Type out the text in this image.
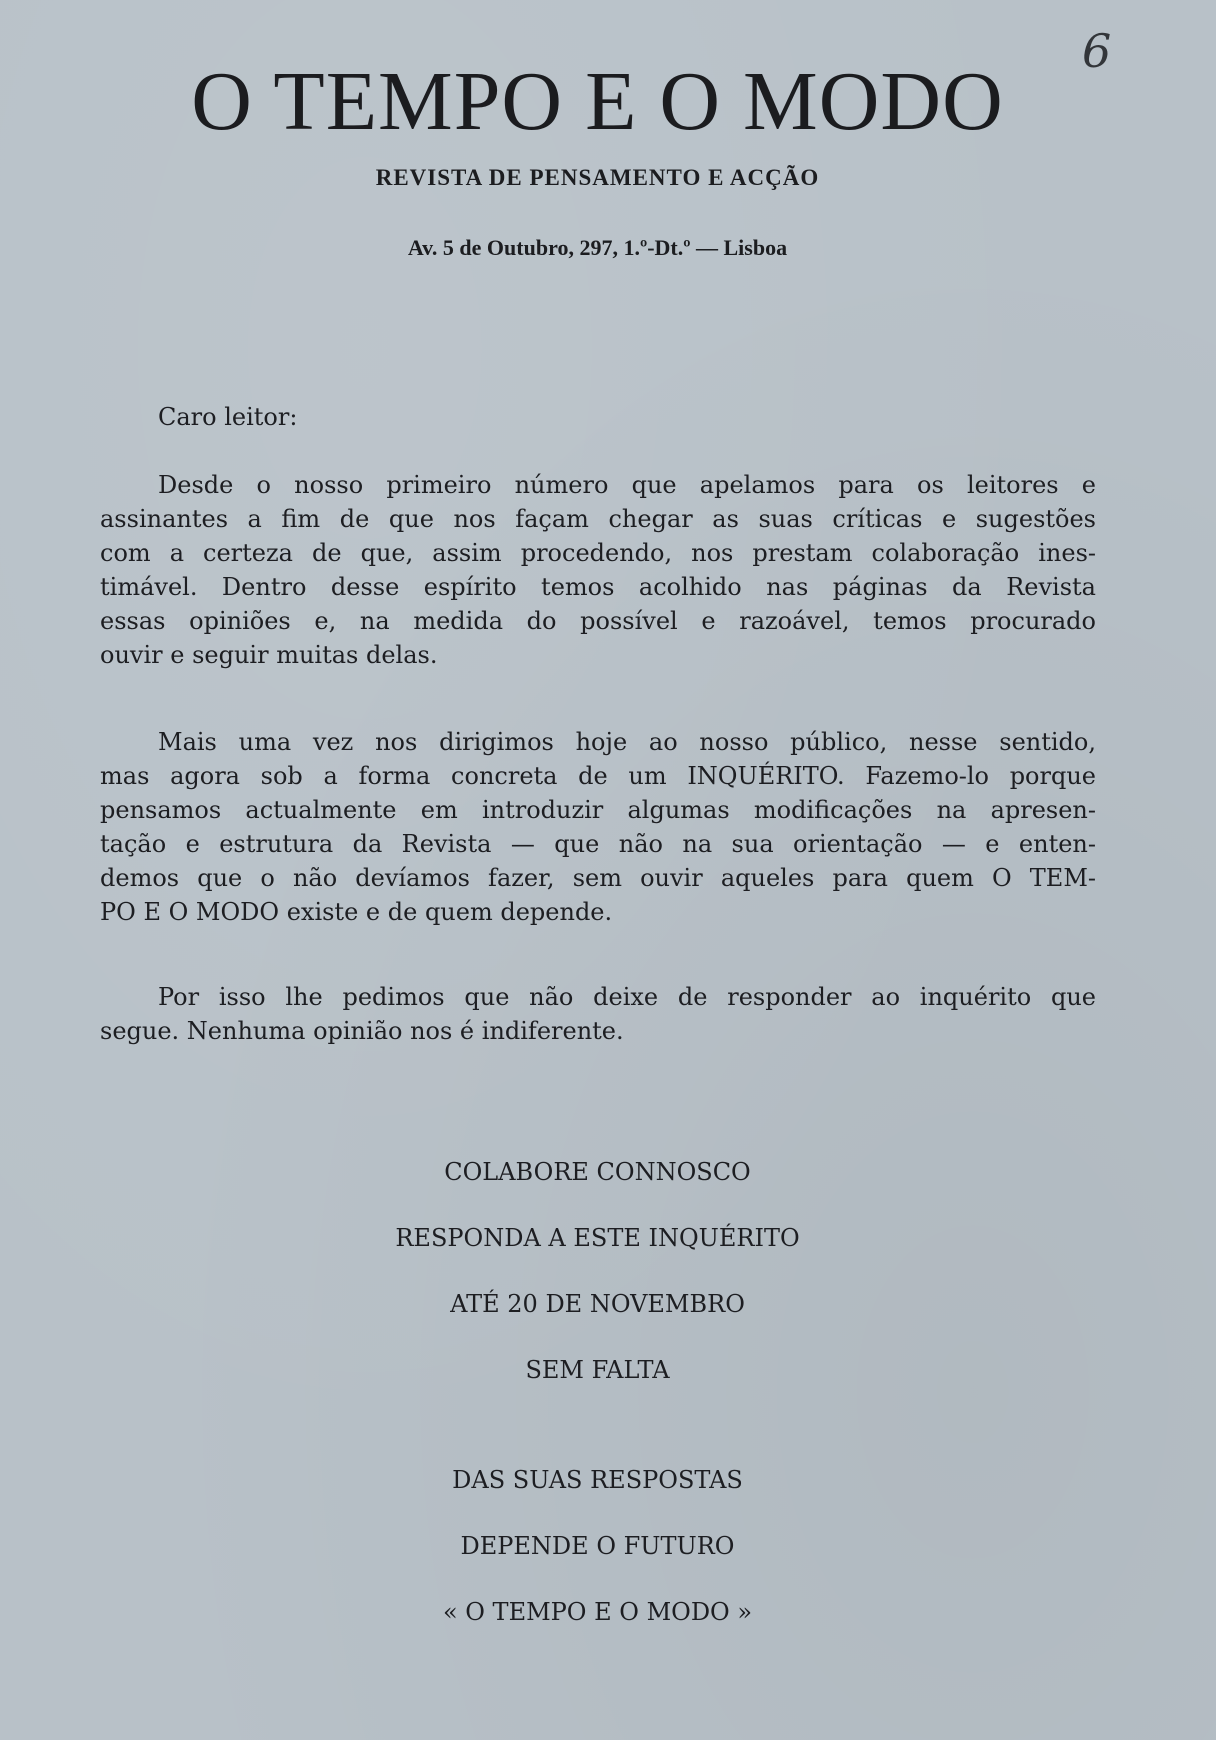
6
O TEMPO E O MODO
REVISTA DE PENSAMENTO E ACÇÃO
Av. 5 de Outubro, 297, 1.º-Dt.º — Lisboa
Caro leitor:
Desde o nosso primeiro número que apelamos para os leitores e
assinantes a fim de que nos façam chegar as suas críticas e sugestões
com a certeza de que, assim procedendo, nos prestam colaboração ines-
timável. Dentro desse espírito temos acolhido nas páginas da Revista
essas opiniões e, na medida do possível e razoável, temos procurado
ouvir e seguir muitas delas.
Mais uma vez nos dirigimos hoje ao nosso público, nesse sentido,
mas agora sob a forma concreta de um INQUÉRITO. Fazemo-lo porque
pensamos actualmente em introduzir algumas modificações na apresen-
tação e estrutura da Revista — que não na sua orientação — e enten-
demos que o não devíamos fazer, sem ouvir aqueles para quem O TEM-
PO E O MODO existe e de quem depende.
Por isso lhe pedimos que não deixe de responder ao inquérito que
segue. Nenhuma opinião nos é indiferente.
COLABORE CONNOSCO
RESPONDA A ESTE INQUÉRITO
ATÉ 20 DE NOVEMBRO
SEM FALTA
DAS SUAS RESPOSTAS
DEPENDE O FUTURO
« O TEMPO E O MODO »
